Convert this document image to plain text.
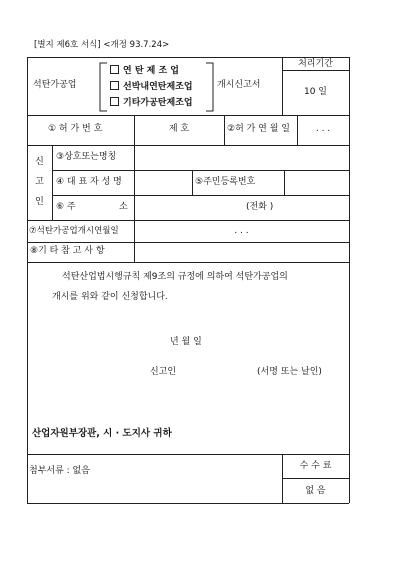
[별지 제6호 서식] <개정 93.7.24>
석탄가공업
연 탄 제 조 업
선박내연탄제조업
기타가공탄제조업
개시신고서
처리기간
10 일
① 허 가 번 호	제 호	②허 가 연 월 일	. . .
신
고
인
③상호또는명칭
④ 대 표 자 성 명	⑤주민등록번호
⑥ 주	소	(전화 )
⑦석탄가공업개시연월일	. . .
⑧기 타 참 고 사 항
석탄산업법시행규칙 제9조의 규정에 의하여 석탄가공업의
개시를 위와 같이 신청합니다.
년 월 일
신고인	(서명 또는 날인)
산업자원부장관, 시 · 도지사 귀하
첨부서류 : 없음	수 수 료
없 음
